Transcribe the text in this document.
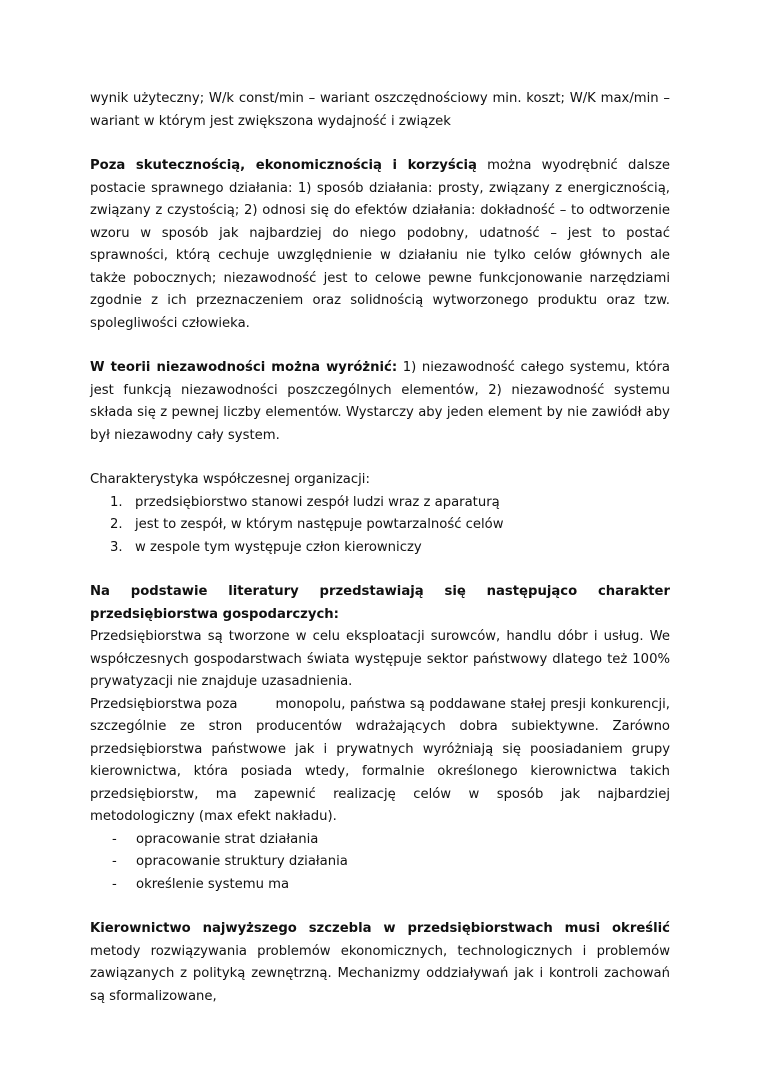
wynik użyteczny; W/k const/min – wariant oszczędnościowy min. koszt; W/K max/min – wariant w którym jest zwiększona wydajność i związek

Poza skutecznością, ekonomicznością i korzyścią można wyodrębnić dalsze postacie sprawnego działania: 1) sposób działania: prosty, związany z energicznością, związany z czystością; 2) odnosi się do efektów działania: dokładność – to odtworzenie wzoru w sposób jak najbardziej do niego podobny, udatność – jest to postać sprawności, którą cechuje uwzględnienie w działaniu nie tylko celów głównych ale także pobocznych; niezawodność jest to celowe pewne funkcjonowanie narzędziami zgodnie z ich przeznaczeniem oraz solidnością wytworzonego produktu oraz tzw. spolegliwości człowieka.

W teorii niezawodności można wyróżnić: 1) niezawodność całego systemu, która jest funkcją niezawodności poszczególnych elementów, 2) niezawodność systemu składa się z pewnej liczby elementów. Wystarczy aby jeden element by nie zawiódł aby był niezawodny cały system.

Charakterystyka współczesnej organizacji:

1. przedsiębiorstwo stanowi zespół ludzi wraz z aparaturą
2. jest to zespół, w którym następuje powtarzalność celów
3. w zespole tym występuje człon kierowniczy

Na podstawie literatury przedstawiają się następująco charakter

przedsiębiorstwa gospodarczych:

Przedsiębiorstwa są tworzone w celu eksploatacji surowców, handlu dóbr i usług. We współczesnych gospodarstwach świata występuje sektor państwowy dlatego też 100% prywatyzacji nie znajduje uzasadnienia.

Przedsiębiorstwa poza	monopolu, państwa są poddawane stałej presji konkurencji, szczególnie ze stron producentów wdrażających dobra subiektywne. Zarówno przedsiębiorstwa państwowe jak i prywatnych wyróżniają się poosiadaniem grupy kierownictwa, która posiada wtedy, formalnie określonego kierownictwa takich przedsiębiorstw, ma zapewnić realizację celów w sposób jak najbardziej metodologiczny (max efekt nakładu).

- opracowanie strat działania
- opracowanie struktury działania
- określenie systemu ma

Kierownictwo najwyższego szczebla w przedsiębiorstwach musi określić metody rozwiązywania problemów ekonomicznych, technologicznych i problemów zawiązanych z polityką zewnętrzną. Mechanizmy oddziaływań jak i kontroli zachowań są sformalizowane,
